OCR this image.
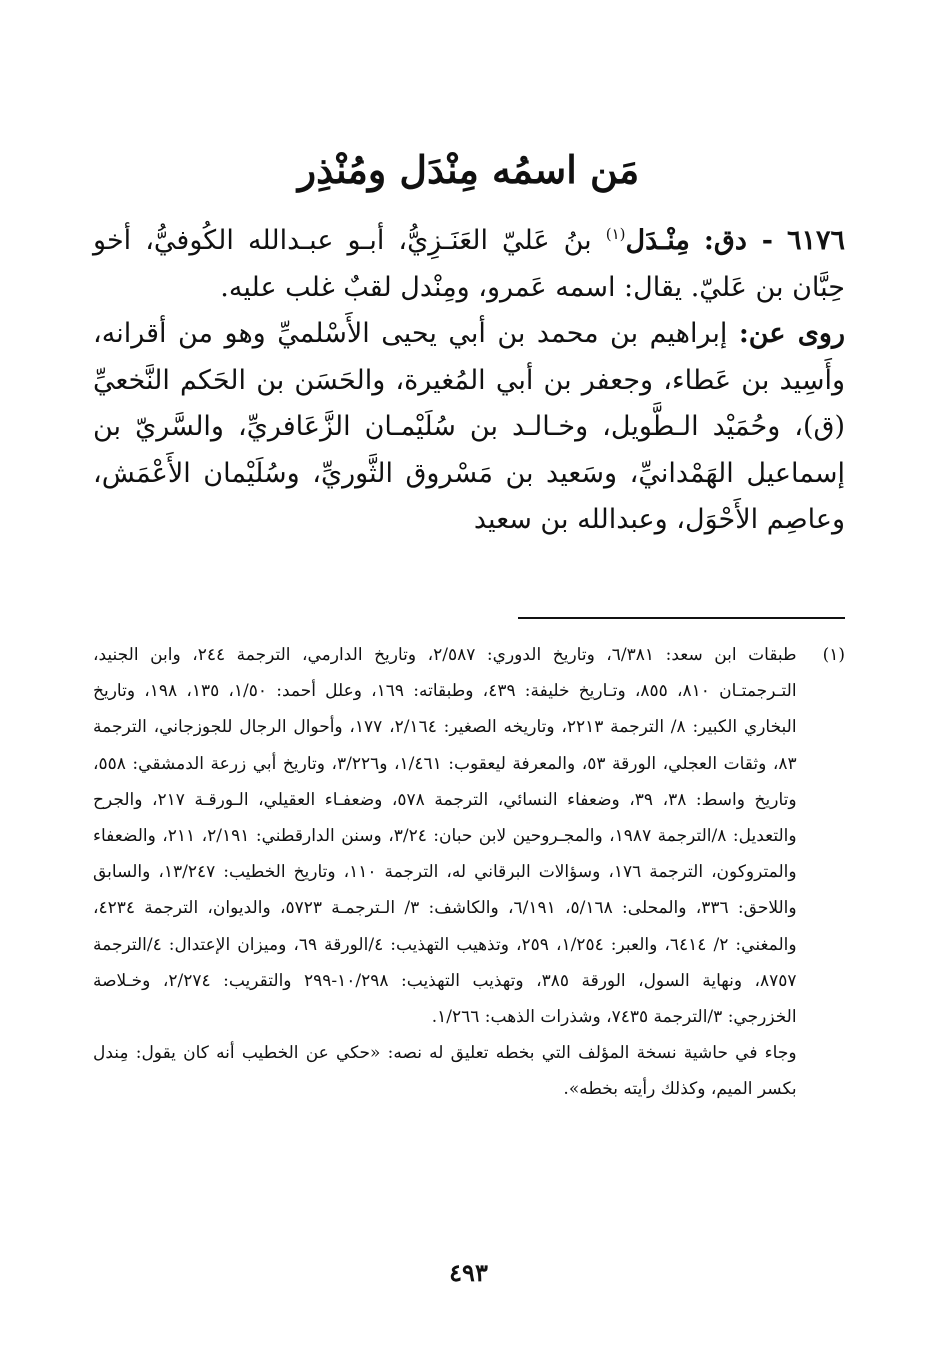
مَن اسمُه مِنْدَل ومُنْذِر

٦١٧٦ - دق: مِنْـدَل$^{(١)}$ بنُ عَليّ العَنَـزِيُّ، أبـو عبـدالله الكُوفيُّ، أخو حِبَّان بن عَليّ. يقال: اسمه عَمرو، ومِنْدل لقبٌ غلب عليه.

روى عن: إبراهيم بن محمد بن أبي يحيى الأَسْلميِّ وهو من أقرانه، وأَسِيد بن عَطاء، وجعفر بن أبي المُغيرة، والحَسَن بن الحَكم النَّخعيِّ (ق)، وحُمَيْد الـطَّويل، وخـالـد بن سُلَيْمـان الزَّعَافريِّ، والسَّريّ بن إسماعيل الهَمْدانيِّ، وسَعيد بن مَسْروق الثَّوريِّ، وسُلَيْمان الأَعْمَش، وعاصِم الأَحْوَل، وعبدالله بن سعيد

(١)

طبقات ابن سعد: ٦/٣٨١، وتاريخ الدوري: ٢/٥٨٧، وتاريخ الدارمي، الترجمة ٢٤٤، وابن الجنيد، التـرجمتـان ٨١٠، ٨٥٥، وتـاريخ خليفة: ٤٣٩، وطبقاته: ١٦٩، وعلل أحمد: ١/٥٠، ١٣٥، ١٩٨، وتاريخ البخاري الكبير: ٨/ الترجمة ٢٢١٣، وتاريخه الصغير: ٢/١٦٤، ١٧٧، وأحوال الرجال للجوزجاني، الترجمة ٨٣، وثقات العجلي، الورقة ٥٣، والمعرفة ليعقوب: ١/٤٦١، و٣/٢٢٦، وتاريخ أبي زرعة الدمشقي: ٥٥٨، وتاريخ واسط: ٣٨، ٣٩، وضعفاء النسائي، الترجمة ٥٧٨، وضعفـاء العقيلي، الـورقـة ٢١٧، والجرح والتعديل: ٨/الترجمة ١٩٨٧، والمجـروحين لابن حبان: ٣/٢٤، وسنن الدارقطني: ٢/١٩١، ٢١١، والضعفاء والمتروكون، الترجمة ١٧٦، وسؤالات البرقاني له، الترجمة ١١٠، وتاريخ الخطيب: ١٣/٢٤٧، والسابق واللاحق: ٣٣٦، والمحلى: ٥/١٦٨، ٦/١٩١، والكاشف: ٣/ الـترجمـة ٥٧٢٣، والديوان، الترجمة ٤٢٣٤، والمغني: ٢/ ٦٤١٤، والعبر: ١/٢٥٤، ٢٥٩، وتذهيب التهذيب: ٤/الورقة ٦٩، وميزان الإعتدال: ٤/الترجمة ٨٧٥٧، ونهاية السول، الورقة ٣٨٥، وتهذيب التهذيب: ١٠/٢٩٨-٢٩٩ والتقريب: ٢/٢٧٤، وخـلاصة الخزرجي: ٣/الترجمة ٧٤٣٥، وشذرات الذهب: ١/٢٦٦.

وجاء في حاشية نسخة المؤلف التي بخطه تعليق له نصه: «حكي عن الخطيب أنه كان يقول: مِندل بكسر الميم، وكذلك رأيته بخطه».

٤٩٣
